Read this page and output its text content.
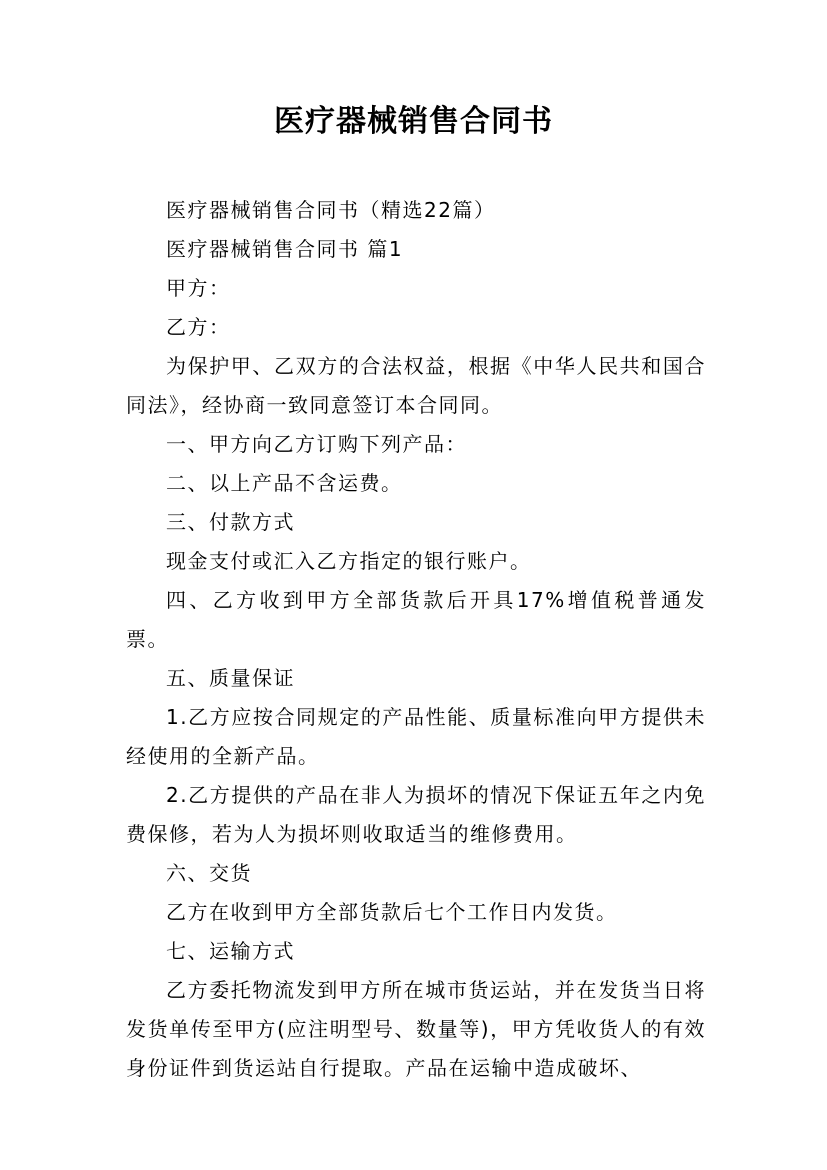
医疗器械销售合同书

医疗器械销售合同书（精选22篇）

医疗器械销售合同书 篇1

甲方：

乙方：

为保护甲、乙双方的合法权益，根据《中华人民共和国合同法》，经协商一致同意签订本合同同。

一、甲方向乙方订购下列产品：

二、以上产品不含运费。

三、付款方式

现金支付或汇入乙方指定的银行账户。

四、乙方收到甲方全部货款后开具17%增值税普通发票。

五、质量保证

1.乙方应按合同规定的产品性能、质量标准向甲方提供未经使用的全新产品。

2.乙方提供的产品在非人为损坏的情况下保证五年之内免费保修，若为人为损坏则收取适当的维修费用。

六、交货

乙方在收到甲方全部货款后七个工作日内发货。

七、运输方式

乙方委托物流发到甲方所在城市货运站，并在发货当日将发货单传至甲方(应注明型号、数量等)，甲方凭收货人的有效身份证件到货运站自行提取。产品在运输中造成破坏、
